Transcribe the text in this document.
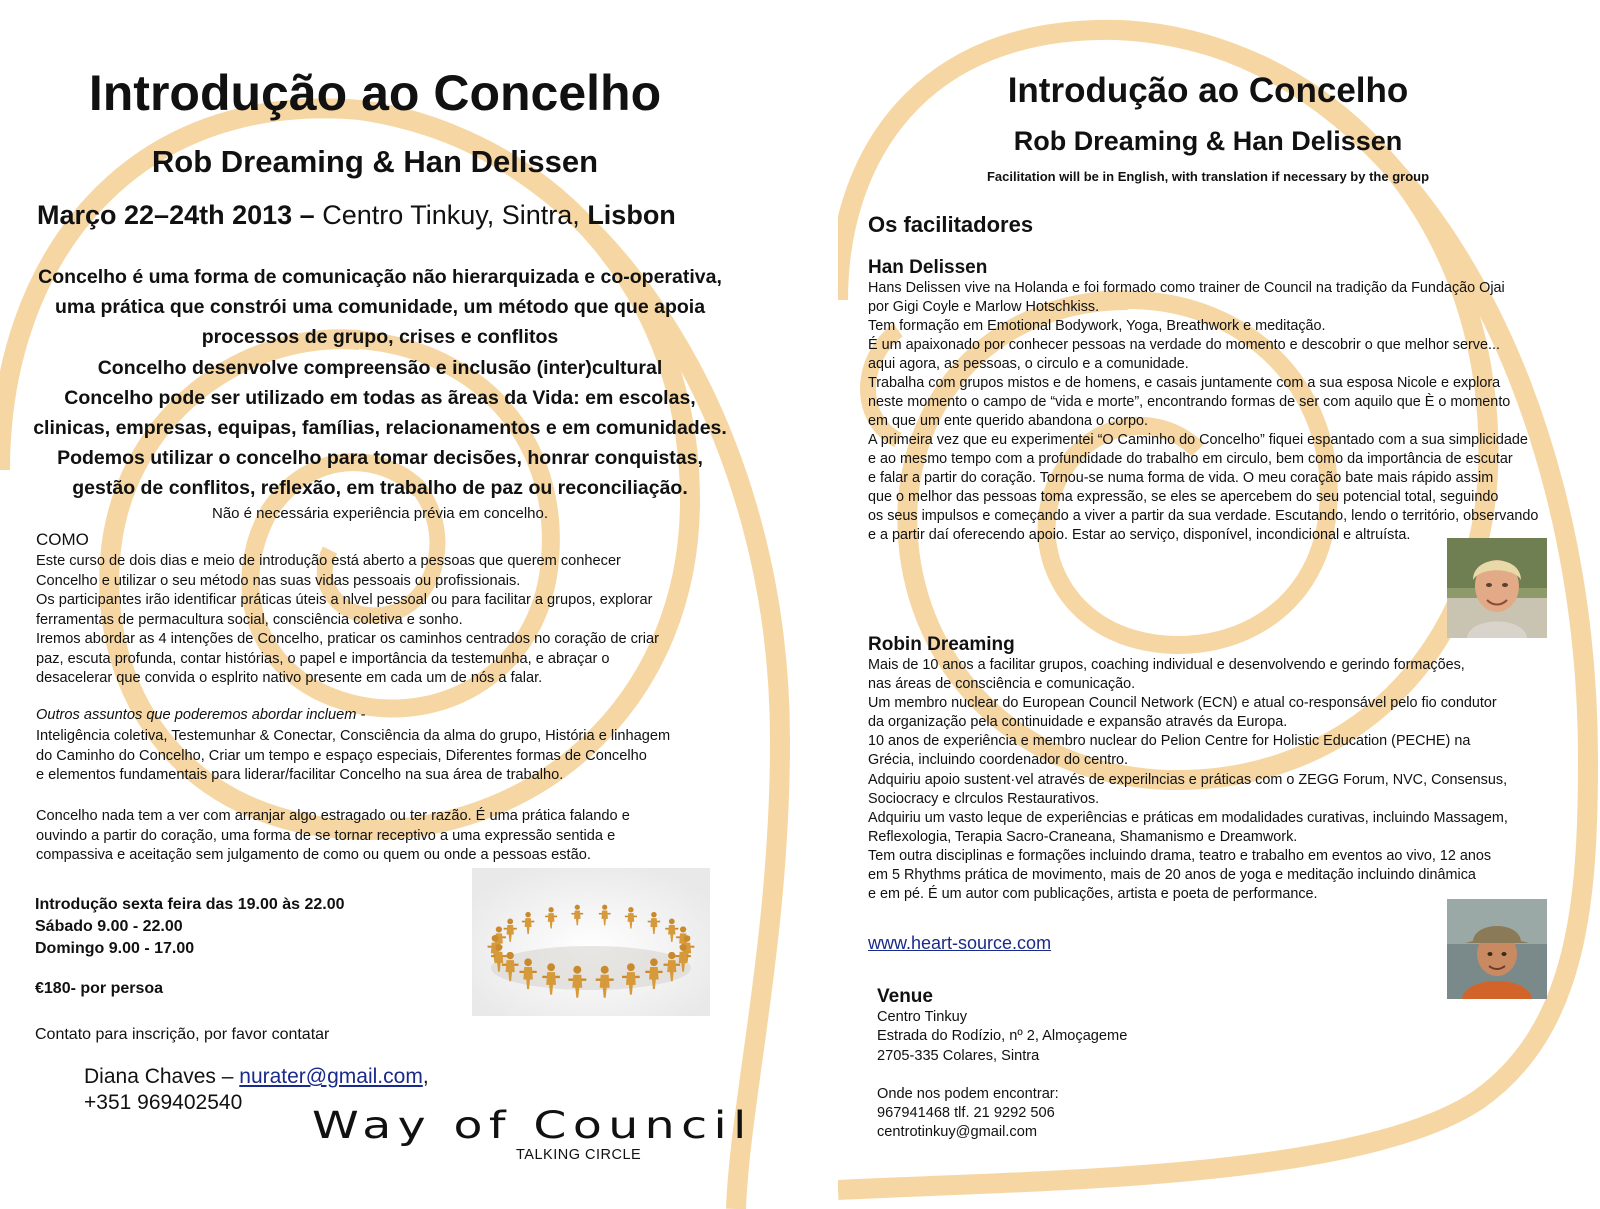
Introdução ao Concelho
Rob Dreaming & Han Delissen
Março 22–24th 2013 – Centro Tinkuy, Sintra, Lisbon
Concelho é uma forma de comunicação não hierarquizada e co-operativa,
uma prática que constrói uma comunidade, um método que que apoia
processos de grupo, crises e conflitos
Concelho desenvolve compreensão e inclusão (inter)cultural
Concelho pode ser utilizado em todas as ãreas da Vida: em escolas,
clinicas, empresas, equipas, famílias, relacionamentos e em comunidades.
Podemos utilizar o concelho para tomar decisões, honrar conquistas,
gestão de conflitos, reflexão, em trabalho de paz ou reconciliação.
Não é necessária experiência prévia em concelho.
COMO
Este curso de dois dias e meio de introdução está aberto a pessoas que querem conhecer
Concelho e utilizar o seu método nas suas vidas pessoais ou profissionais.
Os participantes irão identificar práticas úteis a nlvel pessoal ou para facilitar a grupos, explorar
ferramentas de permacultura social, consciência coletiva e sonho.
Iremos abordar as 4 intenções de Concelho, praticar os caminhos centrados no coração de criar
paz, escuta profunda, contar histórias, o papel e importância da testemunha, e abraçar o
desacelerar que convida o esplrito nativo presente em cada um de nós a falar.
Outros assuntos que poderemos abordar incluem -
Inteligência coletiva, Testemunhar & Conectar, Consciência da alma do grupo, História e linhagem
do Caminho do Concelho, Criar um tempo e espaço especiais, Diferentes formas de Concelho
e elementos fundamentais para liderar/facilitar Concelho na sua área de trabalho.
Concelho nada tem a ver com arranjar algo estragado ou ter razão. É uma prática falando e
ouvindo a partir do coração, uma forma de se tornar receptivo a uma expressão sentida e
compassiva e aceitação sem julgamento de como ou quem ou onde a pessoas estão.
Introdução sexta feira das 19.00 às 22.00
Sábado 9.00 - 22.00
Domingo 9.00 - 17.00
€180- por persoa
Contato para inscrição, por favor contatar
Diana Chaves – nurater@gmail.com,
+351 969402540
Way of Council
TALKING CIRCLE
Introdução ao Concelho
Rob Dreaming & Han Delissen
Facilitation will be in English, with translation if necessary by the group
Os facilitadores
Han Delissen
Hans Delissen vive na Holanda e foi formado como trainer de Council na tradição da Fundação Ojai
por Gigi Coyle e Marlow Hotschkiss.
Tem formação em Emotional Bodywork, Yoga, Breathwork e meditação.
É um apaixonado por conhecer pessoas na verdade do momento e descobrir o que melhor serve...
aqui agora, as pessoas, o circulo e a comunidade.
Trabalha com grupos mistos e de homens, e casais juntamente com a sua esposa Nicole e explora
neste momento o campo de “vida e morte”, encontrando formas de ser com aquilo que È o momento
em que um ente querido abandona o corpo.
A primeira vez que eu experimentei “O Caminho do Concelho” fiquei espantado com a sua simplicidade
e ao mesmo tempo com a profundidade do trabalho em circulo, bem como da importância de escutar
e falar a partir do coração. Tornou-se numa forma de vida. O meu coração bate mais rápido assim
que o melhor das pessoas toma expressão, se eles se apercebem do seu potencial total, seguindo
os seus impulsos e começando a viver a partir da sua verdade. Escutando, lendo o território, observando
e a partir daí oferecendo apoio. Estar ao serviço, disponível, incondicional e altruísta.
Robin Dreaming
Mais de 10 anos a facilitar grupos, coaching individual e desenvolvendo e gerindo formações,
nas áreas de consciência e comunicação.
Um membro nuclear do European Council Network (ECN) e atual co-responsável pelo fio condutor
da organização pela continuidade e expansão através da Europa.
10 anos de experiência e membro nuclear do Pelion Centre for Holistic Education (PECHE) na
Grécia, incluindo coordenador do centro.
Adquiriu apoio sustent·vel através de experilncias e práticas com o ZEGG Forum, NVC, Consensus,
Sociocracy e clrculos Restaurativos.
Adquiriu um vasto leque de experiências e práticas em modalidades curativas, incluindo Massagem,
Reflexologia, Terapia Sacro-Craneana, Shamanismo e Dreamwork.
Tem outra disciplinas e formações incluindo drama, teatro e trabalho em eventos ao vivo, 12 anos
em 5 Rhythms prática de movimento, mais de 20 anos de yoga e meditação incluindo dinâmica
e em pé. É um autor com publicações, artista e poeta de performance.
www.heart-source.com
Venue
Centro Tinkuy
Estrada do Rodízio, nº 2, Almoçageme
2705-335 Colares, Sintra
Onde nos podem encontrar:
967941468 tlf. 21 9292 506
centrotinkuy@gmail.com
